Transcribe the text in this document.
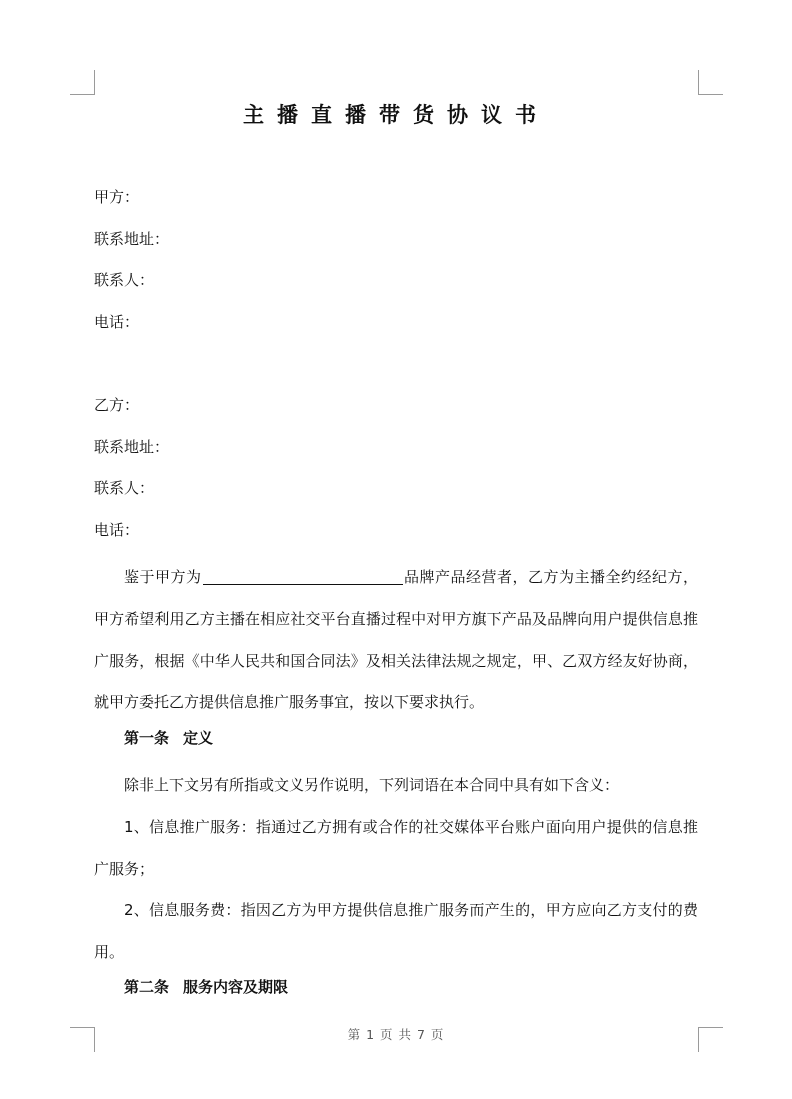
主播直播带货协议书
甲方：
联系地址：
联系人：
电话：
乙方：
联系地址：
联系人：
电话：
鉴于甲方为	品牌产品经营者，乙方为主播全约经纪方，甲方希望利用乙方主播在相应社交平台直播过程中对甲方旗下产品及品牌向用户提供信息推广服务，根据《中华人民共和国合同法》及相关法律法规之规定，甲、乙双方经友好协商，就甲方委托乙方提供信息推广服务事宜，按以下要求执行。
第一条 定义
除非上下文另有所指或文义另作说明，下列词语在本合同中具有如下含义：
1、信息推广服务：指通过乙方拥有或合作的社交媒体平台账户面向用户提供的信息推广服务；
2、信息服务费：指因乙方为甲方提供信息推广服务而产生的，甲方应向乙方支付的费用。
第二条 服务内容及期限
第 1 页 共 7 页
